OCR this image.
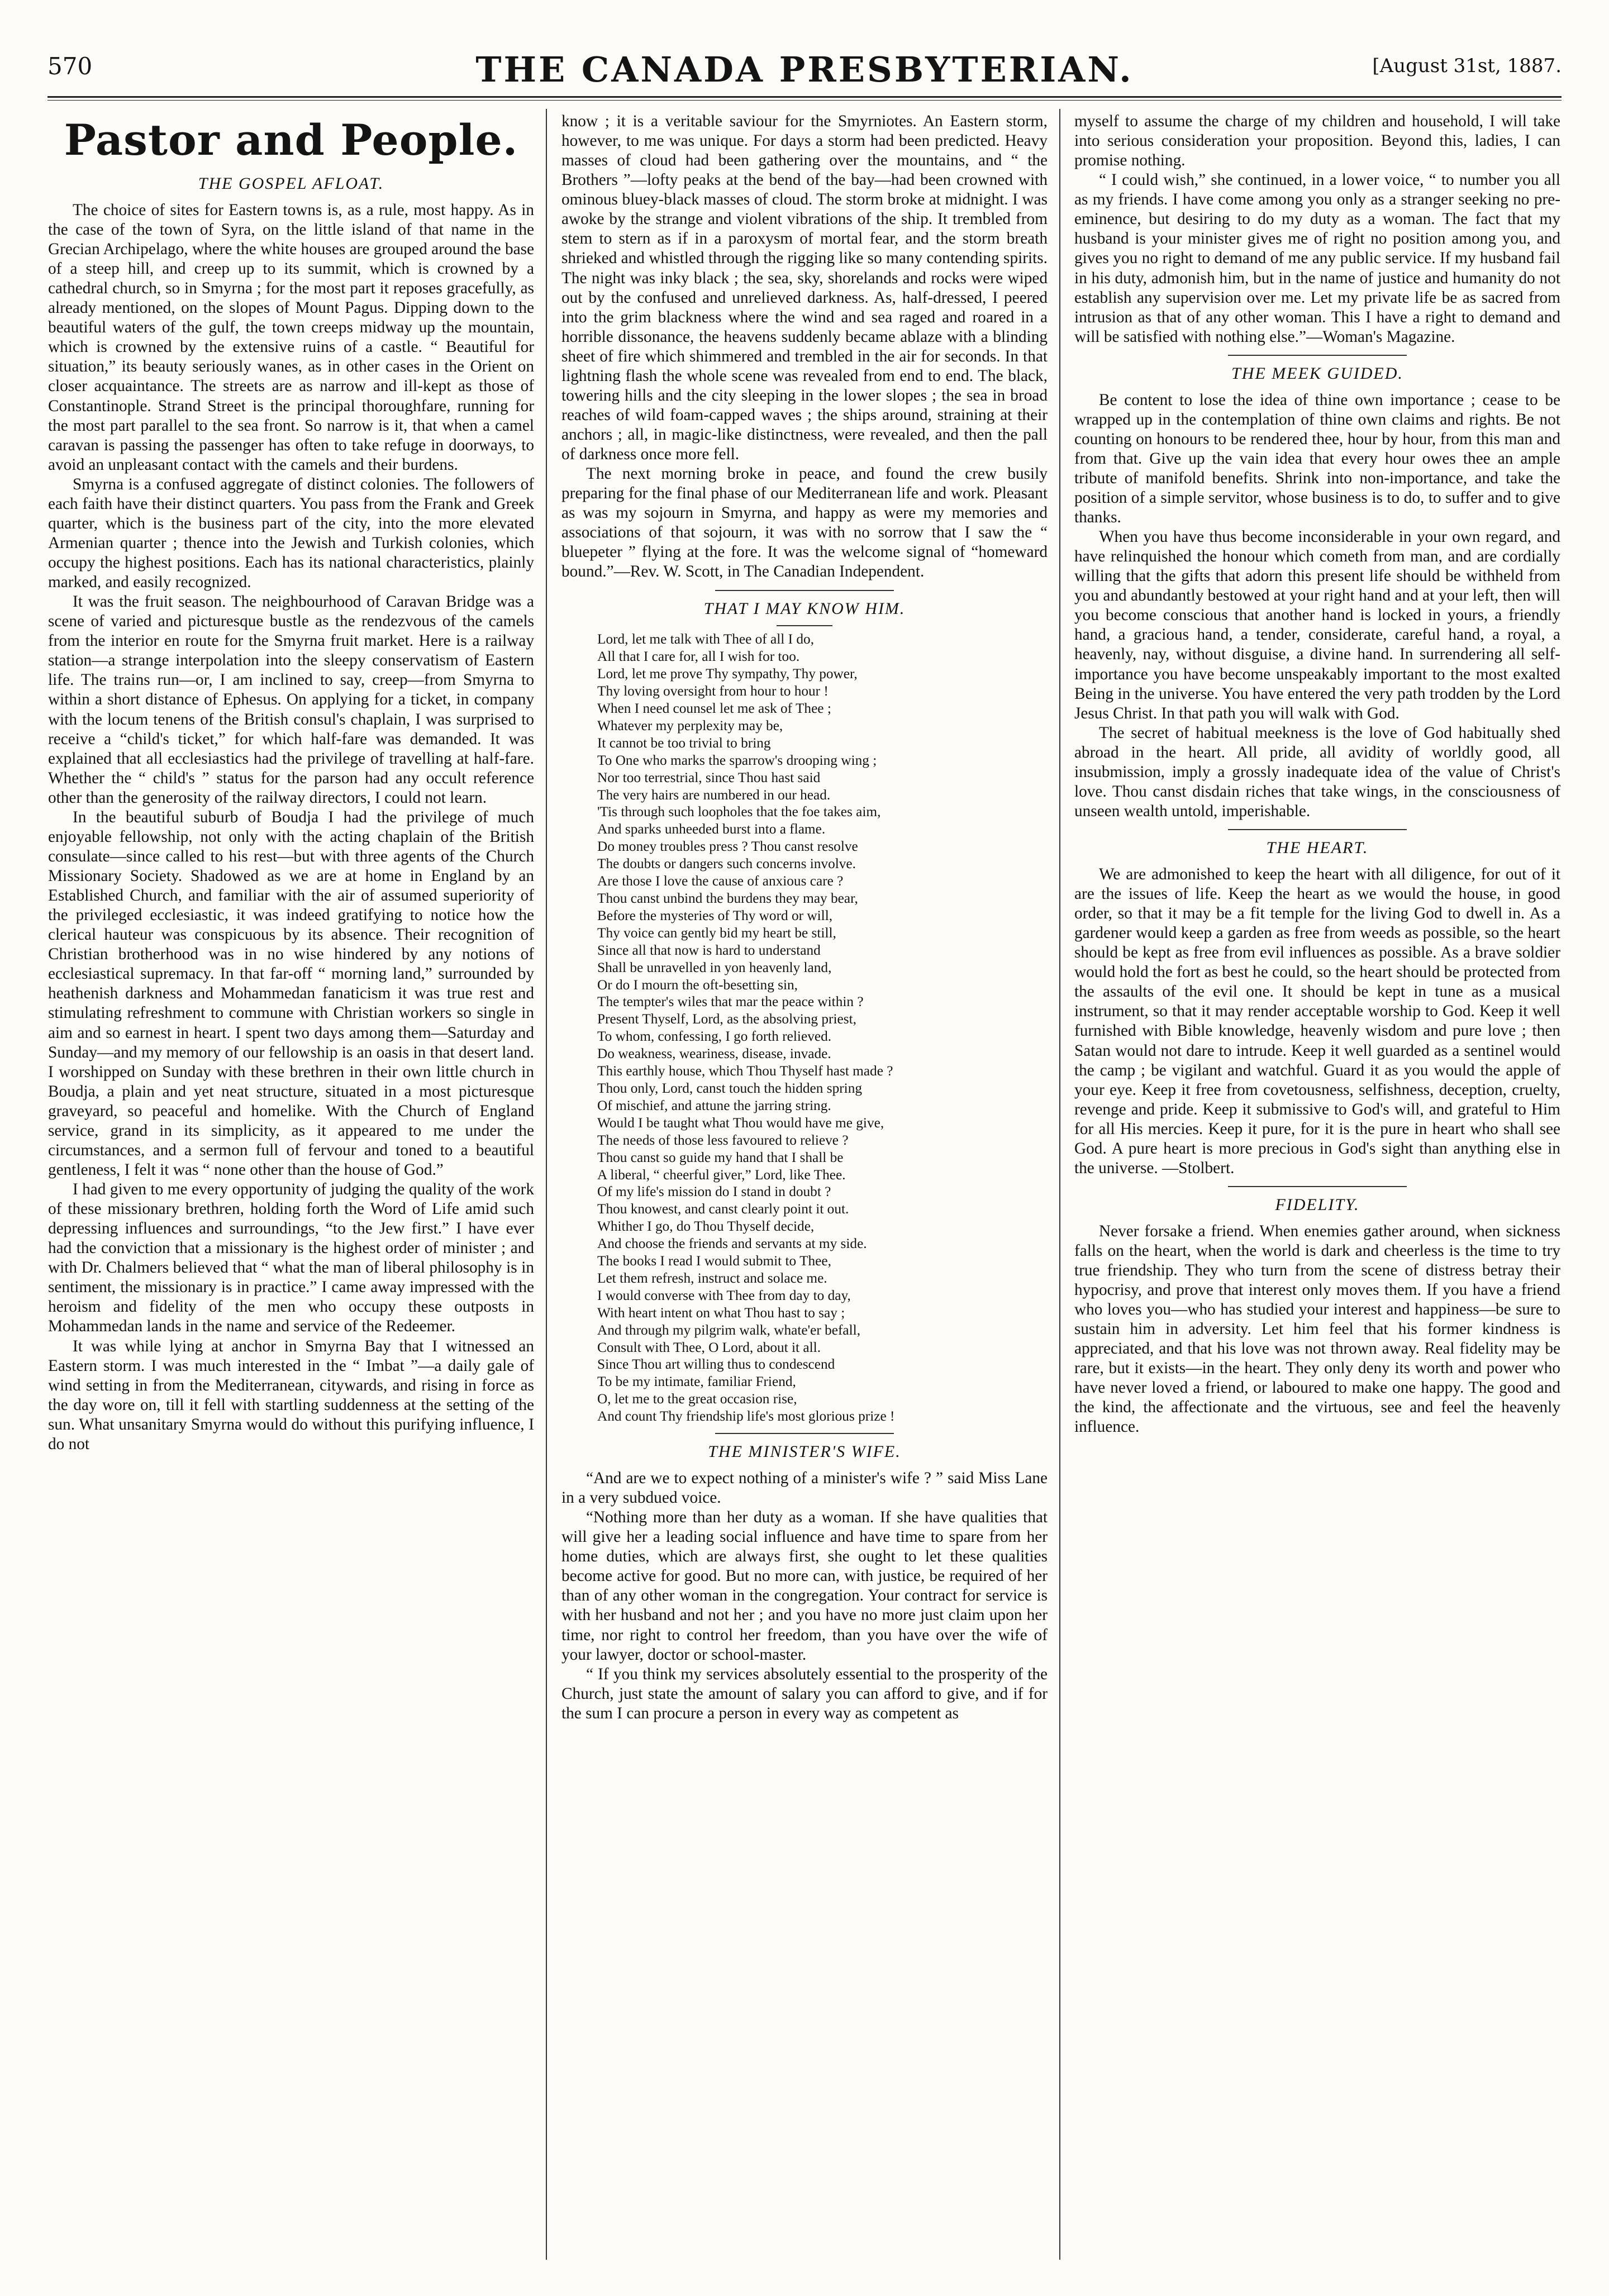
570	THE CANADA PRESBYTERIAN.	[August 31st, 1887.
Pastor and People.
THE GOSPEL AFLOAT.

The choice of sites for Eastern towns is, as a rule, most happy. As in the case of the town of Syra, on the little island of that name in the Grecian Archipelago, where the white houses are grouped around the base of a steep hill, and creep up to its summit, which is crowned by a cathedral church, so in Smyrna ; for the most part it reposes gracefully, as already mentioned, on the slopes of Mount Pagus. Dipping down to the beautiful waters of the gulf, the town creeps midway up the mountain, which is crowned by the extensive ruins of a castle. “ Beautiful for situation,” its beauty seriously wanes, as in other cases in the Orient on closer acquaintance. The streets are as narrow and ill-kept as those of Constantinople. Strand Street is the principal thoroughfare, running for the most part parallel to the sea front. So narrow is it, that when a camel caravan is passing the passenger has often to take refuge in doorways, to avoid an unpleasant contact with the camels and their burdens.

Smyrna is a confused aggregate of distinct colonies. The followers of each faith have their distinct quarters. You pass from the Frank and Greek quarter, which is the business part of the city, into the more elevated Armenian quarter ; thence into the Jewish and Turkish colonies, which occupy the highest positions. Each has its national characteristics, plainly marked, and easily recognized.

It was the fruit season. The neighbourhood of Caravan Bridge was a scene of varied and picturesque bustle as the rendezvous of the camels from the interior en route for the Smyrna fruit market. Here is a railway station—a strange interpolation into the sleepy conservatism of Eastern life. The trains run—or, I am inclined to say, creep—from Smyrna to within a short distance of Ephesus. On applying for a ticket, in company with the locum tenens of the British consul's chaplain, I was surprised to receive a “child's ticket,” for which half-fare was demanded. It was explained that all ecclesiastics had the privilege of travelling at half-fare. Whether the “ child's ” status for the parson had any occult reference other than the generosity of the railway directors, I could not learn.

In the beautiful suburb of Boudja I had the privilege of much enjoyable fellowship, not only with the acting chaplain of the British consulate—since called to his rest—but with three agents of the Church Missionary Society. Shadowed as we are at home in England by an Established Church, and familiar with the air of assumed superiority of the privileged ecclesiastic, it was indeed gratifying to notice how the clerical hauteur was conspicuous by its absence. Their recognition of Christian brotherhood was in no wise hindered by any notions of ecclesiastical supremacy. In that far-off “ morning land,” surrounded by heathenish darkness and Mohammedan fanaticism it was true rest and stimulating refreshment to commune with Christian workers so single in aim and so earnest in heart. I spent two days among them—Saturday and Sunday—and my memory of our fellowship is an oasis in that desert land. I worshipped on Sunday with these brethren in their own little church in Boudja, a plain and yet neat structure, situated in a most picturesque graveyard, so peaceful and homelike. With the Church of England service, grand in its simplicity, as it appeared to me under the circumstances, and a sermon full of fervour and toned to a beautiful gentleness, I felt it was “ none other than the house of God.”

I had given to me every opportunity of judging the quality of the work of these missionary brethren, holding forth the Word of Life amid such depressing influences and surroundings, “to the Jew first.” I have ever had the conviction that a missionary is the highest order of minister ; and with Dr. Chalmers believed that “ what the man of liberal philosophy is in sentiment, the missionary is in practice.” I came away impressed with the heroism and fidelity of the men who occupy these outposts in Mohammedan lands in the name and service of the Redeemer.

It was while lying at anchor in Smyrna Bay that I witnessed an Eastern storm. I was much interested in the “ Imbat ”—a daily gale of wind setting in from the Mediterranean, citywards, and rising in force as the day wore on, till it fell with startling suddenness at the setting of the sun. What unsanitary Smyrna would do without this purifying influence, I do not

know ; it is a veritable saviour for the Smyrniotes. An Eastern storm, however, to me was unique. For days a storm had been predicted. Heavy masses of cloud had been gathering over the mountains, and “ the Brothers ”—lofty peaks at the bend of the bay—had been crowned with ominous bluey-black masses of cloud. The storm broke at midnight. I was awoke by the strange and violent vibrations of the ship. It trembled from stem to stern as if in a paroxysm of mortal fear, and the storm breath shrieked and whistled through the rigging like so many contending spirits. The night was inky black ; the sea, sky, shorelands and rocks were wiped out by the confused and unrelieved darkness. As, half-dressed, I peered into the grim blackness where the wind and sea raged and roared in a horrible dissonance, the heavens suddenly became ablaze with a blinding sheet of fire which shimmered and trembled in the air for seconds. In that lightning flash the whole scene was revealed from end to end. The black, towering hills and the city sleeping in the lower slopes ; the sea in broad reaches of wild foam-capped waves ; the ships around, straining at their anchors ; all, in magic-like distinctness, were revealed, and then the pall of darkness once more fell.

The next morning broke in peace, and found the crew busily preparing for the final phase of our Mediterranean life and work. Pleasant as was my sojourn in Smyrna, and happy as were my memories and associations of that sojourn, it was with no sorrow that I saw the “ bluepeter ” flying at the fore. It was the welcome signal of “homeward bound.”—Rev. W. Scott, in The Canadian Independent.

THAT I MAY KNOW HIM.
Lord, let me talk with Thee of all I do,
All that I care for, all I wish for too.
Lord, let me prove Thy sympathy, Thy power,
Thy loving oversight from hour to hour !
When I need counsel let me ask of Thee ;
Whatever my perplexity may be,
It cannot be too trivial to bring
To One who marks the sparrow's drooping wing ;
Nor too terrestrial, since Thou hast said
The very hairs are numbered in our head.
'Tis through such loopholes that the foe takes aim,
And sparks unheeded burst into a flame.
Do money troubles press ? Thou canst resolve
The doubts or dangers such concerns involve.
Are those I love the cause of anxious care ?
Thou canst unbind the burdens they may bear,
Before the mysteries of Thy word or will,
Thy voice can gently bid my heart be still,
Since all that now is hard to understand
Shall be unravelled in yon heavenly land,
Or do I mourn the oft-besetting sin,
The tempter's wiles that mar the peace within ?
Present Thyself, Lord, as the absolving priest,
To whom, confessing, I go forth relieved.
Do weakness, weariness, disease, invade.
This earthly house, which Thou Thyself hast made ?
Thou only, Lord, canst touch the hidden spring
Of mischief, and attune the jarring string.
Would I be taught what Thou would have me give,
The needs of those less favoured to relieve ?
Thou canst so guide my hand that I shall be
A liberal, “ cheerful giver,” Lord, like Thee.
Of my life's mission do I stand in doubt ?
Thou knowest, and canst clearly point it out.
Whither I go, do Thou Thyself decide,
And choose the friends and servants at my side.
The books I read I would submit to Thee,
Let them refresh, instruct and solace me.
I would converse with Thee from day to day,
With heart intent on what Thou hast to say ;
And through my pilgrim walk, whate'er befall,
Consult with Thee, O Lord, about it all.
Since Thou art willing thus to condescend
To be my intimate, familiar Friend,
O, let me to the great occasion rise,
And count Thy friendship life's most glorious prize !
THE MINISTER'S WIFE.

“And are we to expect nothing of a minister's wife ? ” said Miss Lane in a very subdued voice.

“Nothing more than her duty as a woman. If she have qualities that will give her a leading social influence and have time to spare from her home duties, which are always first, she ought to let these qualities become active for good. But no more can, with justice, be required of her than of any other woman in the congregation. Your contract for service is with her husband and not her ; and you have no more just claim upon her time, nor right to control her freedom, than you have over the wife of your lawyer, doctor or school-master.

“ If you think my services absolutely essential to the prosperity of the Church, just state the amount of salary you can afford to give, and if for the sum I can procure a person in every way as competent as

myself to assume the charge of my children and household, I will take into serious consideration your proposition. Beyond this, ladies, I can promise nothing.

“ I could wish,” she continued, in a lower voice, “ to number you all as my friends. I have come among you only as a stranger seeking no pre-eminence, but desiring to do my duty as a woman. The fact that my husband is your minister gives me of right no position among you, and gives you no right to demand of me any public service. If my husband fail in his duty, admonish him, but in the name of justice and humanity do not establish any supervision over me. Let my private life be as sacred from intrusion as that of any other woman. This I have a right to demand and will be satisfied with nothing else.”—Woman's Magazine.

THE MEEK GUIDED.

Be content to lose the idea of thine own importance ; cease to be wrapped up in the contemplation of thine own claims and rights. Be not counting on honours to be rendered thee, hour by hour, from this man and from that. Give up the vain idea that every hour owes thee an ample tribute of manifold benefits. Shrink into non-importance, and take the position of a simple servitor, whose business is to do, to suffer and to give thanks.

When you have thus become inconsiderable in your own regard, and have relinquished the honour which cometh from man, and are cordially willing that the gifts that adorn this present life should be withheld from you and abundantly bestowed at your right hand and at your left, then will you become conscious that another hand is locked in yours, a friendly hand, a gracious hand, a tender, considerate, careful hand, a royal, a heavenly, nay, without disguise, a divine hand. In surrendering all self-importance you have become unspeakably important to the most exalted Being in the universe. You have entered the very path trodden by the Lord Jesus Christ. In that path you will walk with God.

The secret of habitual meekness is the love of God habitually shed abroad in the heart. All pride, all avidity of worldly good, all insubmission, imply a grossly inadequate idea of the value of Christ's love. Thou canst disdain riches that take wings, in the consciousness of unseen wealth untold, imperishable.

THE HEART.

We are admonished to keep the heart with all diligence, for out of it are the issues of life. Keep the heart as we would the house, in good order, so that it may be a fit temple for the living God to dwell in. As a gardener would keep a garden as free from weeds as possible, so the heart should be kept as free from evil influences as possible. As a brave soldier would hold the fort as best he could, so the heart should be protected from the assaults of the evil one. It should be kept in tune as a musical instrument, so that it may render acceptable worship to God. Keep it well furnished with Bible knowledge, heavenly wisdom and pure love ; then Satan would not dare to intrude. Keep it well guarded as a sentinel would the camp ; be vigilant and watchful. Guard it as you would the apple of your eye. Keep it free from covetousness, selfishness, deception, cruelty, revenge and pride. Keep it submissive to God's will, and grateful to Him for all His mercies. Keep it pure, for it is the pure in heart who shall see God. A pure heart is more precious in God's sight than anything else in the universe. —Stolbert.

FIDELITY.

Never forsake a friend. When enemies gather around, when sickness falls on the heart, when the world is dark and cheerless is the time to try true friendship. They who turn from the scene of distress betray their hypocrisy, and prove that interest only moves them. If you have a friend who loves you—who has studied your interest and happiness—be sure to sustain him in adversity. Let him feel that his former kindness is appreciated, and that his love was not thrown away. Real fidelity may be rare, but it exists—in the heart. They only deny its worth and power who have never loved a friend, or laboured to make one happy. The good and the kind, the affectionate and the virtuous, see and feel the heavenly influence.
